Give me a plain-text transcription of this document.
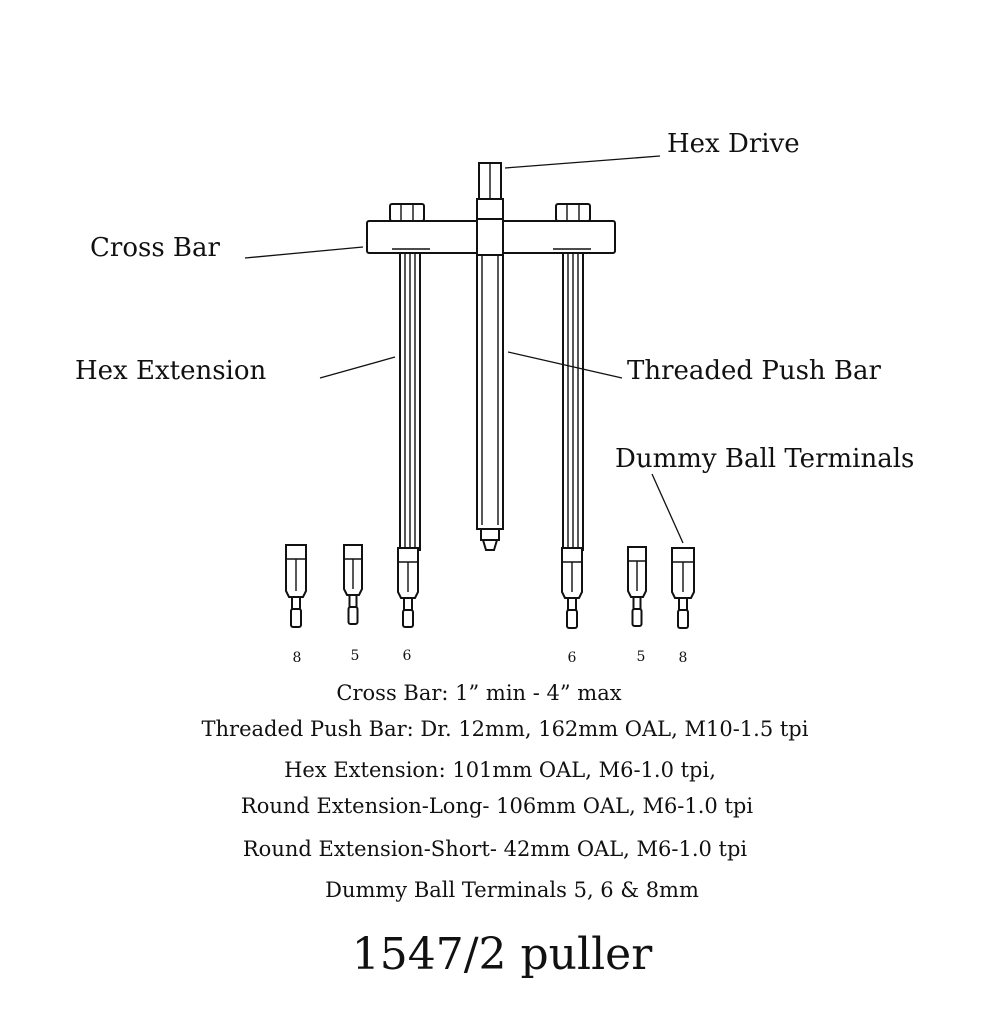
Hex Drive
Cross Bar
Hex Extension	Threaded Push Bar
Dummy Ball Terminals
8	5	6	6	5 8
Cross Bar: 1” min - 4” max
Threaded Push Bar: Dr. 12mm, 162mm OAL, M10-1.5 tpi
Hex Extension: 101mm OAL, M6-1.0 tpi,
Round Extension-Long- 106mm OAL, M6-1.0 tpi
Round Extension-Short- 42mm OAL, M6-1.0 tpi
Dummy Ball Terminals 5, 6 & 8mm
1547/2 puller
